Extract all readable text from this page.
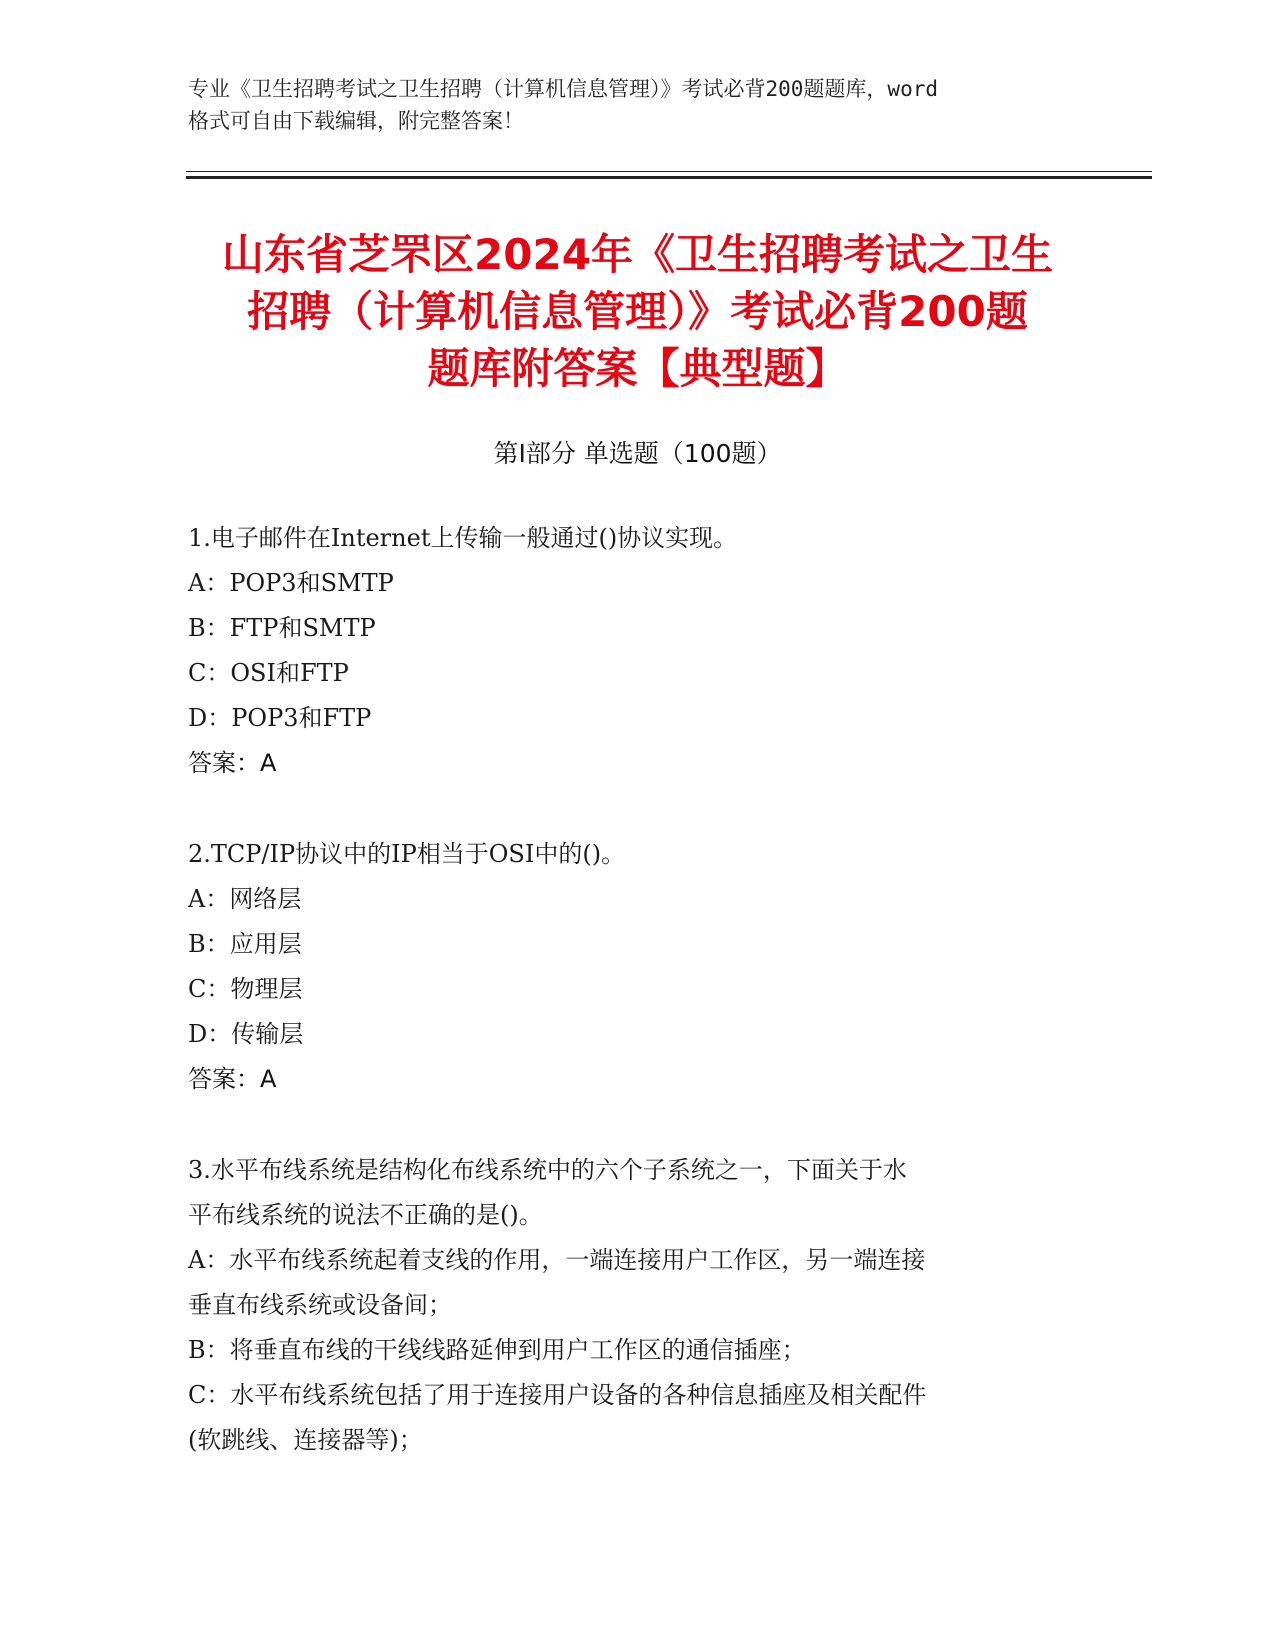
专业《卫生招聘考试之卫生招聘（计算机信息管理）》考试必背200题题库，word
格式可自由下载编辑，附完整答案！
山东省芝罘区2024年《卫生招聘考试之卫生
招聘（计算机信息管理）》考试必背200题
题库附答案【典型题】
第Ⅰ部分 单选题（100题）
1.电子邮件在Internet上传输一般通过()协议实现。
A：POP3和SMTP
B：FTP和SMTP
C：OSI和FTP
D：POP3和FTP
答案：A
2.TCP/IP协议中的IP相当于OSI中的()。
A：网络层
B：应用层
C：物理层
D：传输层
答案：A
3.水平布线系统是结构化布线系统中的六个子系统之一，下面关于水
平布线系统的说法不正确的是()。
A：水平布线系统起着支线的作用，一端连接用户工作区，另一端连接
垂直布线系统或设备间；
B：将垂直布线的干线线路延伸到用户工作区的通信插座；
C：水平布线系统包括了用于连接用户设备的各种信息插座及相关配件
(软跳线、连接器等)；
